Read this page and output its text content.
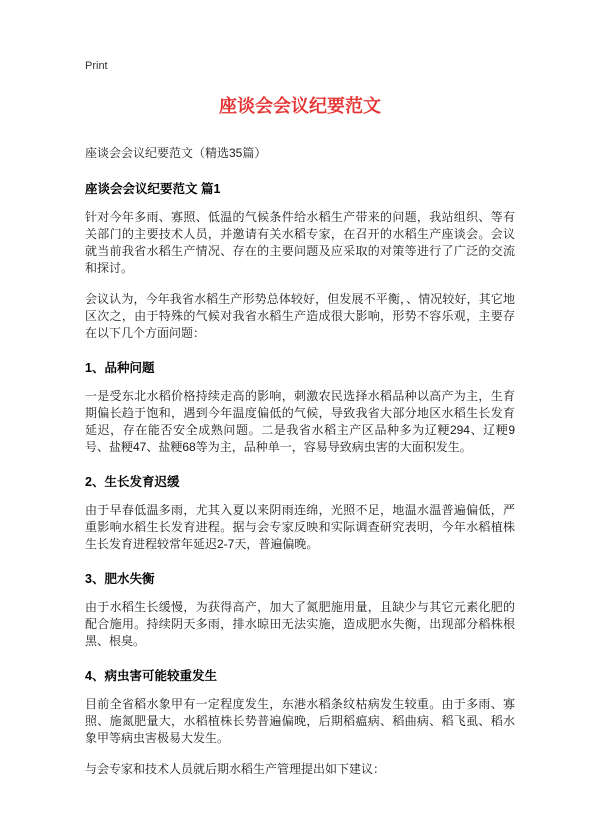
Print
座谈会会议纪要范文

座谈会会议纪要范文（精选35篇）

座谈会会议纪要范文 篇1

针对今年多雨、寡照、低温的气候条件给水稻生产带来的问题，我站组织、等有关部门的主要技术人员，并邀请有关水稻专家，在召开的水稻生产座谈会。会议就当前我省水稻生产情况、存在的主要问题及应采取的对策等进行了广泛的交流和探讨。

会议认为，今年我省水稻生产形势总体较好，但发展不平衡，、情况较好，其它地区次之，由于特殊的气候对我省水稻生产造成很大影响，形势不容乐观，主要存在以下几个方面问题：

1、品种问题

一是受东北水稻价格持续走高的影响，刺激农民选择水稻品种以高产为主，生育期偏长趋于饱和，遇到今年温度偏低的气候，导致我省大部分地区水稻生长发育延迟，存在能否安全成熟问题。二是我省水稻主产区品种多为辽粳294、辽粳9号、盐粳47、盐粳68等为主，品种单一，容易导致病虫害的大面积发生。

2、生长发育迟缓

由于早春低温多雨，尤其入夏以来阴雨连绵，光照不足，地温水温普遍偏低，严重影响水稻生长发育进程。据与会专家反映和实际调查研究表明，今年水稻植株生长发育进程较常年延迟2-7天，普遍偏晚。

3、肥水失衡

由于水稻生长缓慢，为获得高产，加大了氮肥施用量，且缺少与其它元素化肥的配合施用。持续阴天多雨，排水晾田无法实施，造成肥水失衡，出现部分稻株根黑、根臭。

4、病虫害可能较重发生

目前全省稻水象甲有一定程度发生，东港水稻条纹枯病发生较重。由于多雨、寡照、施氮肥量大，水稻植株长势普遍偏晚，后期稻瘟病、稻曲病、稻飞虱、稻水象甲等病虫害极易大发生。

与会专家和技术人员就后期水稻生产管理提出如下建议：
